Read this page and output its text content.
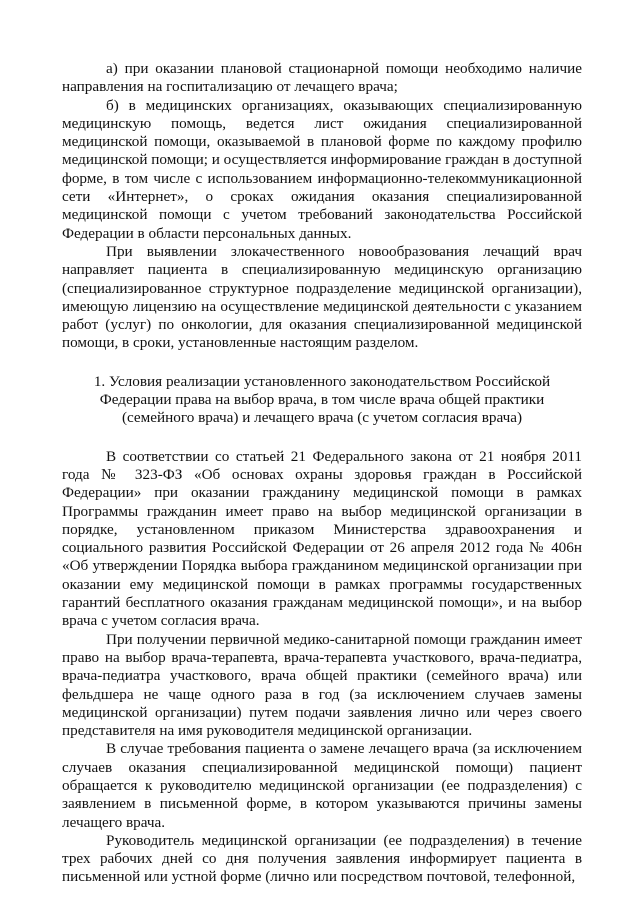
а) при оказании плановой стационарной помощи необходимо наличие направления на госпитализацию от лечащего врача;

б) в медицинских организациях, оказывающих специализированную медицинскую помощь, ведется лист ожидания специализированной медицинской помощи, оказываемой в плановой форме по каждому профилю медицинской помощи; и осуществляется информирование граждан в доступной форме, в том числе с использованием информационно-телекоммуникационной сети «Интернет», о сроках ожидания оказания специализированной медицинской помощи с учетом требований законодательства Российской Федерации в области персональных данных.

При выявлении злокачественного новообразования лечащий врач направляет пациента в специализированную медицинскую организацию (специализированное структурное подразделение медицинской организации), имеющую лицензию на осуществление медицинской деятельности с указанием работ (услуг) по онкологии, для оказания специализированной медицинской помощи, в сроки, установленные настоящим разделом.

1. Условия реализации установленного законодательством Российской Федерации права на выбор врача, в том числе врача общей практики (семейного врача) и лечащего врача (с учетом согласия врача)

В соответствии со статьей 21 Федерального закона от 21 ноября 2011 года № 323-ФЗ «Об основах охраны здоровья граждан в Российской Федерации» при оказании гражданину медицинской помощи в рамках Программы гражданин имеет право на выбор медицинской организации в порядке, установленном приказом Министерства здравоохранения и социального развития Российской Федерации от 26 апреля 2012 года № 406н «Об утверждении Порядка выбора гражданином медицинской организации при оказании ему медицинской помощи в рамках программы государственных гарантий бесплатного оказания гражданам медицинской помощи», и на выбор врача с учетом согласия врача.

При получении первичной медико-санитарной помощи гражданин имеет право на выбор врача-терапевта, врача-терапевта участкового, врача-педиатра, врача-педиатра участкового, врача общей практики (семейного врача) или фельдшера не чаще одного раза в год (за исключением случаев замены медицинской организации) путем подачи заявления лично или через своего представителя на имя руководителя медицинской организации.

В случае требования пациента о замене лечащего врача (за исключением случаев оказания специализированной медицинской помощи) пациент обращается к руководителю медицинской организации (ее подразделения) с заявлением в письменной форме, в котором указываются причины замены лечащего врача.

Руководитель медицинской организации (ее подразделения) в течение трех рабочих дней со дня получения заявления информирует пациента в письменной или устной форме (лично или посредством почтовой, телефонной,
